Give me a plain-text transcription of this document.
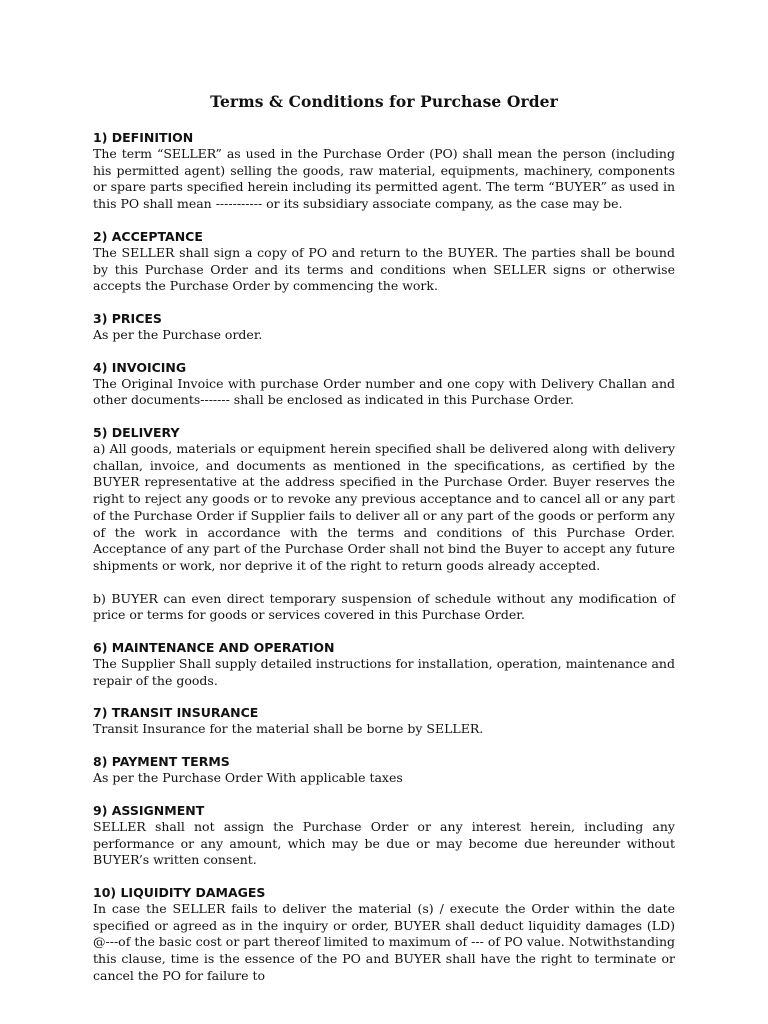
Terms & Conditions for Purchase Order

1) DEFINITION

The term “SELLER” as used in the Purchase Order (PO) shall mean the person (including his permitted agent) selling the goods, raw material, equipments, machinery, components or spare parts specified herein including its permitted agent. The term “BUYER” as used in this PO shall mean ----------- or its subsidiary associate company, as the case may be.

2) ACCEPTANCE

The SELLER shall sign a copy of PO and return to the BUYER. The parties shall be bound by this Purchase Order and its terms and conditions when SELLER signs or otherwise accepts the Purchase Order by commencing the work.

3) PRICES

As per the Purchase order.

4) INVOICING

The Original Invoice with purchase Order number and one copy with Delivery Challan and other documents------- shall be enclosed as indicated in this Purchase Order.

5) DELIVERY

a) All goods, materials or equipment herein specified shall be delivered along with delivery challan, invoice, and documents as mentioned in the specifications, as certified by the BUYER representative at the address specified in the Purchase Order. Buyer reserves the right to reject any goods or to revoke any previous acceptance and to cancel all or any part of the Purchase Order if Supplier fails to deliver all or any part of the goods or perform any of the work in accordance with the terms and conditions of this Purchase Order. Acceptance of any part of the Purchase Order shall not bind the Buyer to accept any future shipments or work, nor deprive it of the right to return goods already accepted.

b) BUYER can even direct temporary suspension of schedule without any modification of price or terms for goods or services covered in this Purchase Order.

6) MAINTENANCE AND OPERATION

The Supplier Shall supply detailed instructions for installation, operation, maintenance and repair of the goods.

7) TRANSIT INSURANCE

Transit Insurance for the material shall be borne by SELLER.

8) PAYMENT TERMS

As per the Purchase Order With applicable taxes

9) ASSIGNMENT

SELLER shall not assign the Purchase Order or any interest herein, including any performance or any amount, which may be due or may become due hereunder without BUYER’s written consent.

10) LIQUIDITY DAMAGES

In case the SELLER fails to deliver the material (s) / execute the Order within the date specified or agreed as in the inquiry or order, BUYER shall deduct liquidity damages (LD) @---of the basic cost or part thereof limited to maximum of --- of PO value. Notwithstanding this clause, time is the essence of the PO and BUYER shall have the right to terminate or cancel the PO for failure to
